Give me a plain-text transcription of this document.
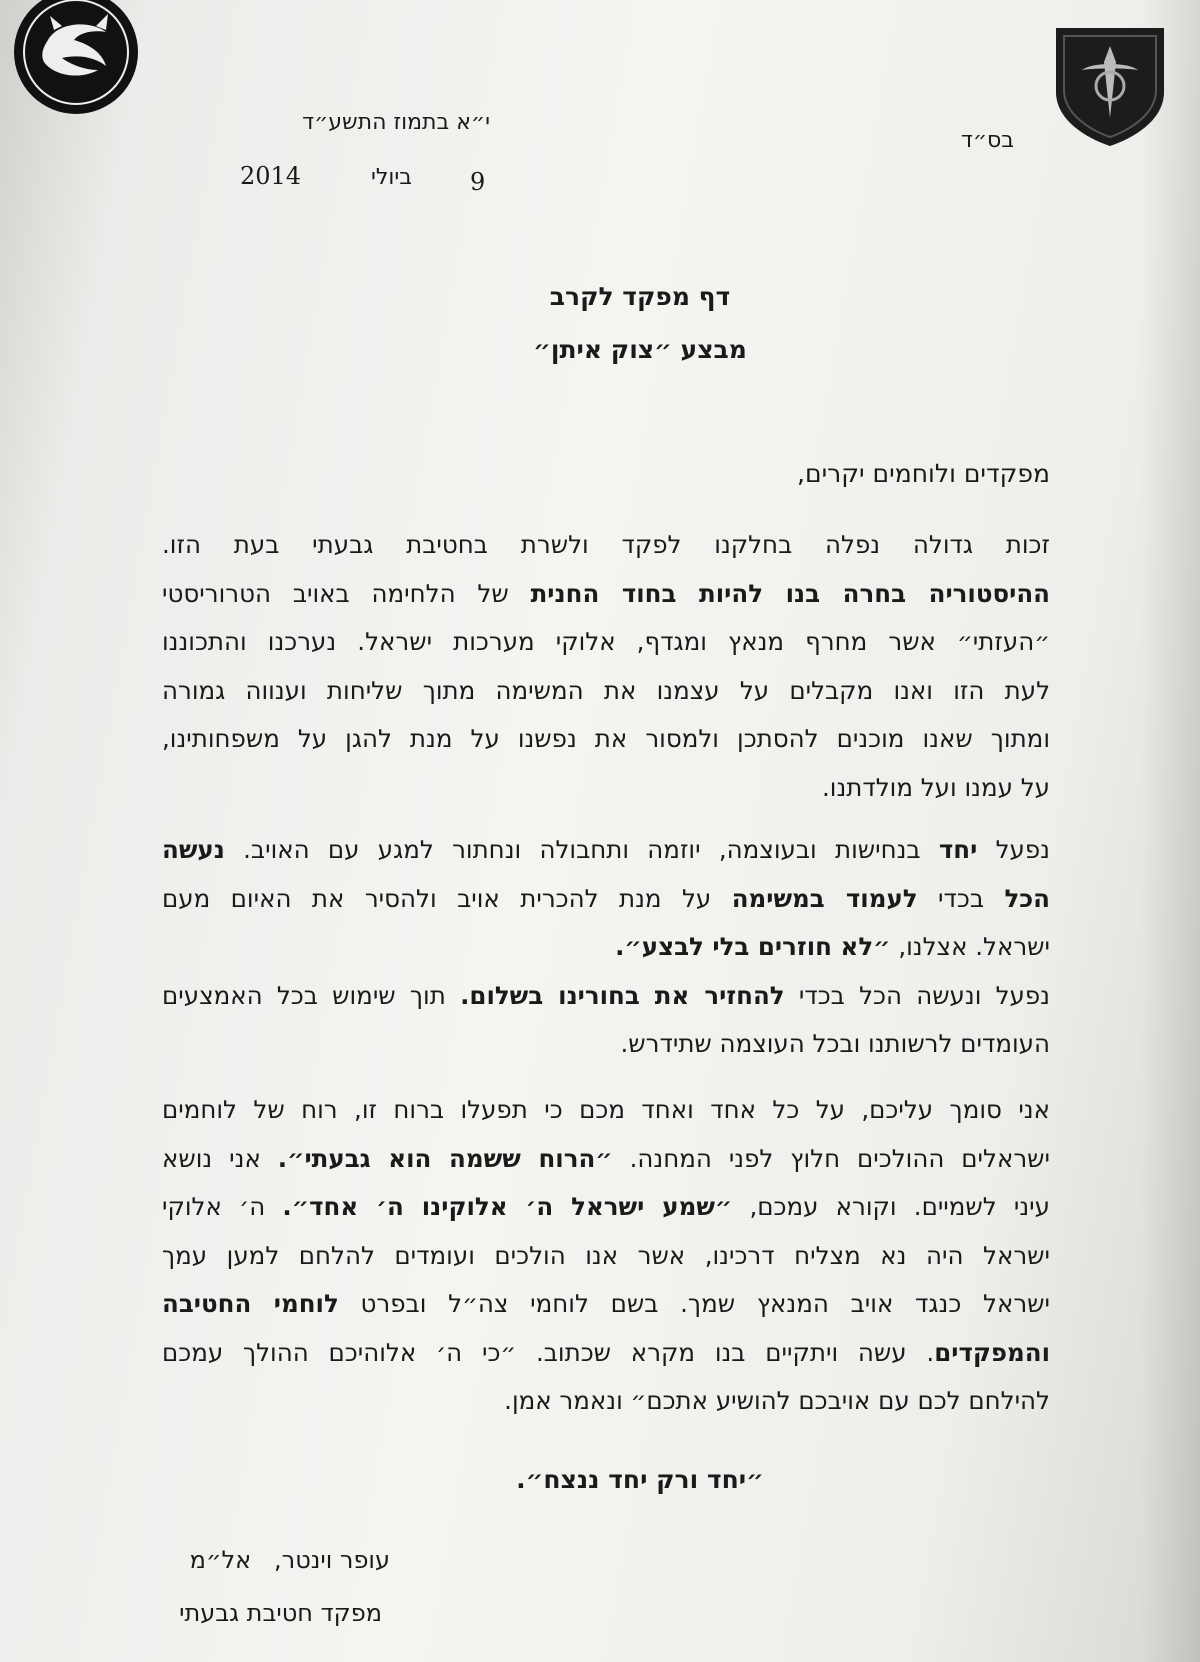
י״א בתמוז התשע״ד
9
ביולי
2014
בס״ד
דף מפקד לקרב
מבצע ״צוק איתן״
מפקדים ולוחמים יקרים,
זכות גדולה נפלה בחלקנו לפקד ולשרת בחטיבת גבעתי בעת הזו.
ההיסטוריה בחרה בנו להיות בחוד החנית של הלחימה באויב הטרוריסטי
״העזתי״ אשר מחרף מנאץ ומגדף, אלוקי מערכות ישראל. נערכנו והתכוננו
לעת הזו ואנו מקבלים על עצמנו את המשימה מתוך שליחות וענווה גמורה
ומתוך שאנו מוכנים להסתכן ולמסור את נפשנו על מנת להגן על משפחותינו,
על עמנו ועל מולדתנו.
נפעל יחד בנחישות ובעוצמה, יוזמה ותחבולה ונחתור למגע עם האויב. נעשה
הכל בכדי לעמוד במשימה על מנת להכרית אויב ולהסיר את האיום מעם
ישראל. אצלנו, ״לא חוזרים בלי לבצע״.
נפעל ונעשה הכל בכדי להחזיר את בחורינו בשלום. תוך שימוש בכל האמצעים
העומדים לרשותנו ובכל העוצמה שתידרש.
אני סומך עליכם, על כל אחד ואחד מכם כי תפעלו ברוח זו, רוח של לוחמים
ישראלים ההולכים חלוץ לפני המחנה. ״הרוח ששמה הוא גבעתי״. אני נושא
עיני לשמיים. וקורא עמכם, ״שמע ישראל ה׳ אלוקינו ה׳ אחד״. ה׳ אלוקי
ישראל היה נא מצליח דרכינו, אשר אנו הולכים ועומדים להלחם למען עמך
ישראל כנגד אויב המנאץ שמך. בשם לוחמי צה״ל ובפרט לוחמי החטיבה
והמפקדים. עשה ויתקיים בנו מקרא שכתוב. ״כי ה׳ אלוהיכם ההולך עמכם
להילחם לכם עם אויבכם להושיע אתכם״ ונאמר אמן.
״יחד ורק יחד ננצח״.
עופר וינטר,   אל״מ
מפקד חטיבת גבעתי
